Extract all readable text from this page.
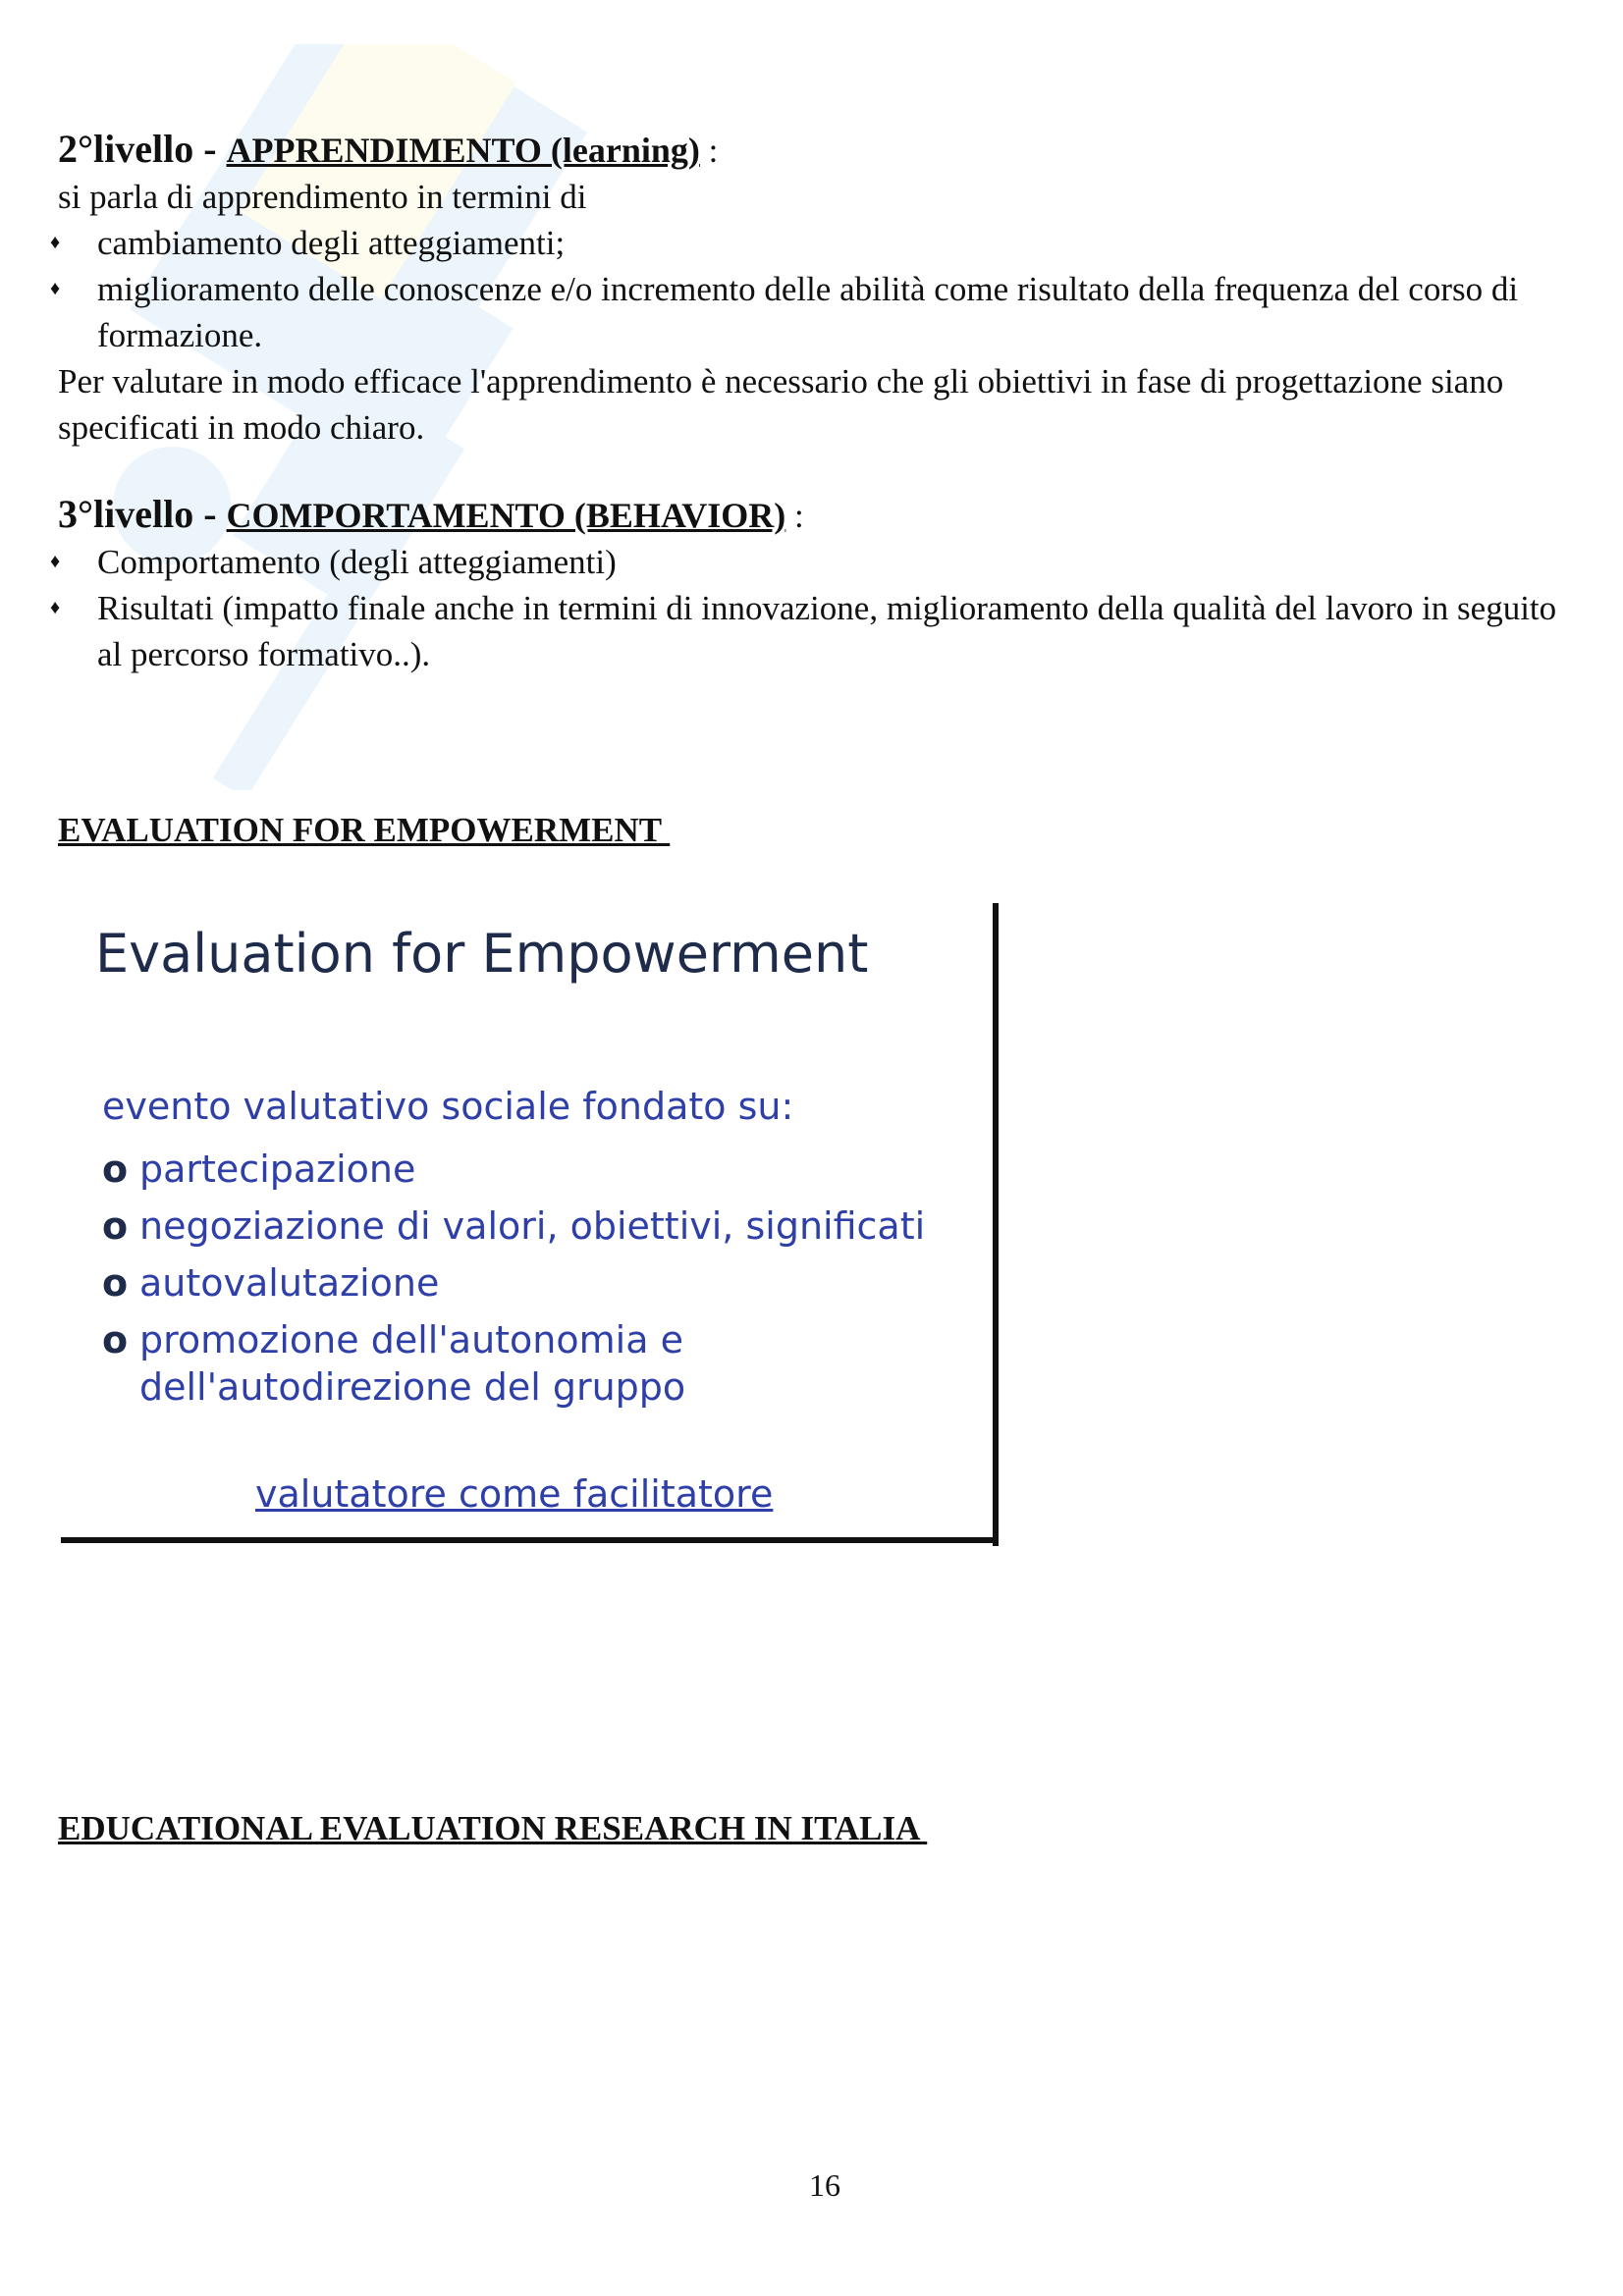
2°livello - APPRENDIMENTO (learning) :
si parla di apprendimento in termini di
♦ cambiamento degli atteggiamenti;
♦ miglioramento delle conoscenze e/o incremento delle abilità come risultato della frequenza del corso di formazione.
Per valutare in modo efficace l'apprendimento è necessario che gli obiettivi in fase di progettazione siano specificati in modo chiaro.
3°livello - COMPORTAMENTO (BEHAVIOR) :
♦ Comportamento (degli atteggiamenti)
♦ Risultati (impatto finale anche in termini di innovazione, miglioramento della qualità del lavoro in seguito al percorso formativo..).
EVALUATION FOR EMPOWERMENT
Evaluation for Empowerment
evento valutativo sociale fondato su:
o partecipazione
o negoziazione di valori, obiettivi, significati
o autovalutazione
o promozione dell'autonomia e
dell'autodirezione del gruppo
valutatore come facilitatore
EDUCATIONAL EVALUATION RESEARCH IN ITALIA
16
